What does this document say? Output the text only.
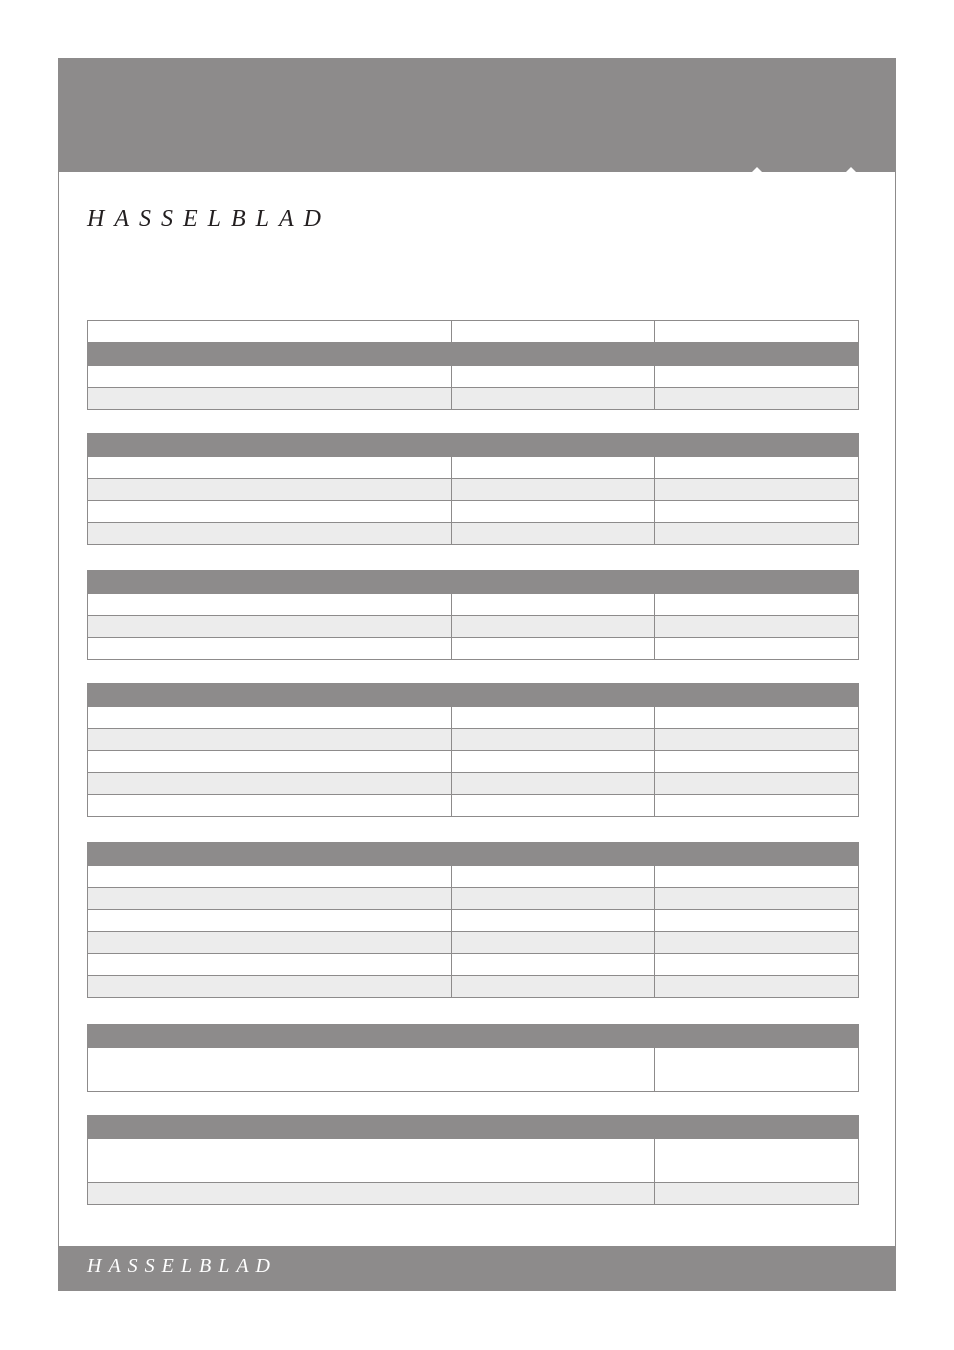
HASSELBLAD

HASSELBLAD
